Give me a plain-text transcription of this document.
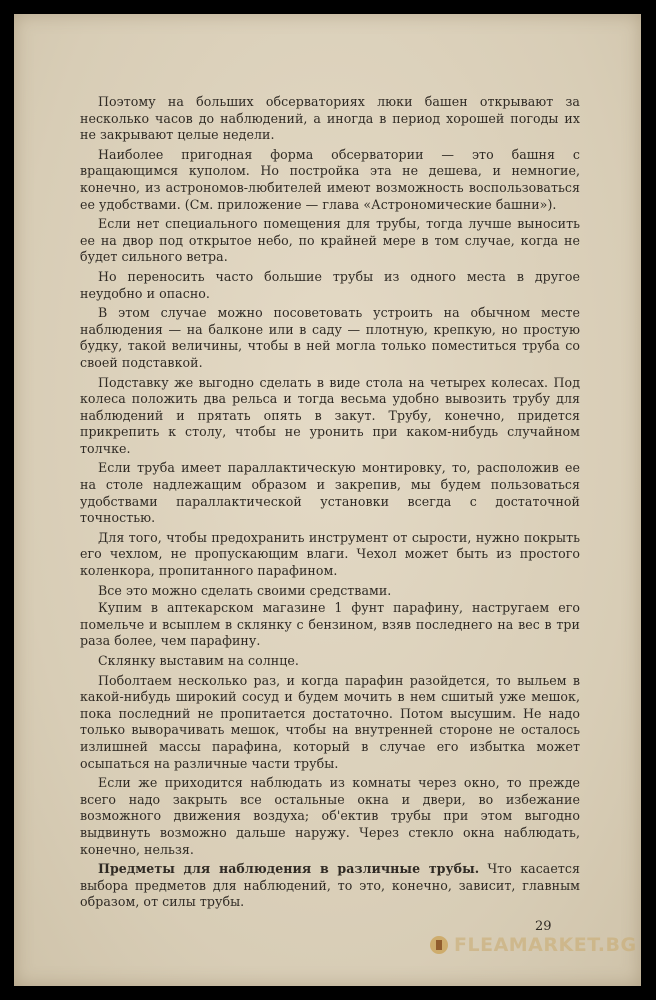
Поэтому на больших обсерваториях люки башен открывают за несколько часов до наблюдений, а иногда в период хорошей погоды их не закрывают целые недели.

Наиболее пригодная форма обсерватории — это башня с вращающимся куполом. Но постройка эта не дешева, и немногие, конечно, из астрономов-любителей имеют возможность воспользоваться ее удобствами. (См. приложение — глава «Астрономические башни»).

Если нет специального помещения для трубы, тогда лучше выносить ее на двор под открытое небо, по крайней мере в том случае, когда не будет сильного ветра.

Но переносить часто большие трубы из одного места в другое неудобно и опасно.

В этом случае можно посоветовать устроить на обычном месте наблюдения — на балконе или в саду — плотную, крепкую, но простую будку, такой величины, чтобы в ней могла только поместиться труба со своей подставкой.

Подставку же выгодно сделать в виде стола на четырех колесах. Под колеса положить два рельса и тогда весьма удобно вывозить трубу для наблюдений и прятать опять в закут. Трубу, конечно, придется прикрепить к столу, чтобы не уронить при каком-нибудь случайном толчке.

Если труба имеет параллактическую монтировку, то, расположив ее на столе надлежащим образом и закрепив, мы будем пользоваться удобствами параллактической установки всегда с достаточной точностью.

Для того, чтобы предохранить инструмент от сырости, нужно покрыть его чехлом, не пропускающим влаги. Чехол может быть из простого коленкора, пропитанного парафином.

Все это можно сделать своими средствами.

Купим в аптекарском магазине 1 фунт парафину, настругаем его помельче и всыплем в склянку с бензином, взяв последнего на вес в три раза более, чем парафину.

Склянку выставим на солнце.

Поболтаем несколько раз, и когда парафин разойдется, то выльем в какой-нибудь широкий сосуд и будем мочить в нем сшитый уже мешок, пока последний не пропитается достаточно. Потом высушим. Не надо только выворачивать мешок, чтобы на внутренней стороне не осталось излишней массы парафина, который в случае его избытка может осыпаться на различные части трубы.

Если же приходится наблюдать из комнаты через окно, то прежде всего надо закрыть все остальные окна и двери, во избежание возможного движения воздуха; об'ектив трубы при этом выгодно выдвинуть возможно дальше наружу. Через стекло окна наблюдать, конечно, нельзя.

Предметы для наблюдения в различные трубы. Что касается выбора предметов для наблюдений, то это, конечно, зависит, главным образом, от силы трубы.

29
FLEAMARKET.BG
